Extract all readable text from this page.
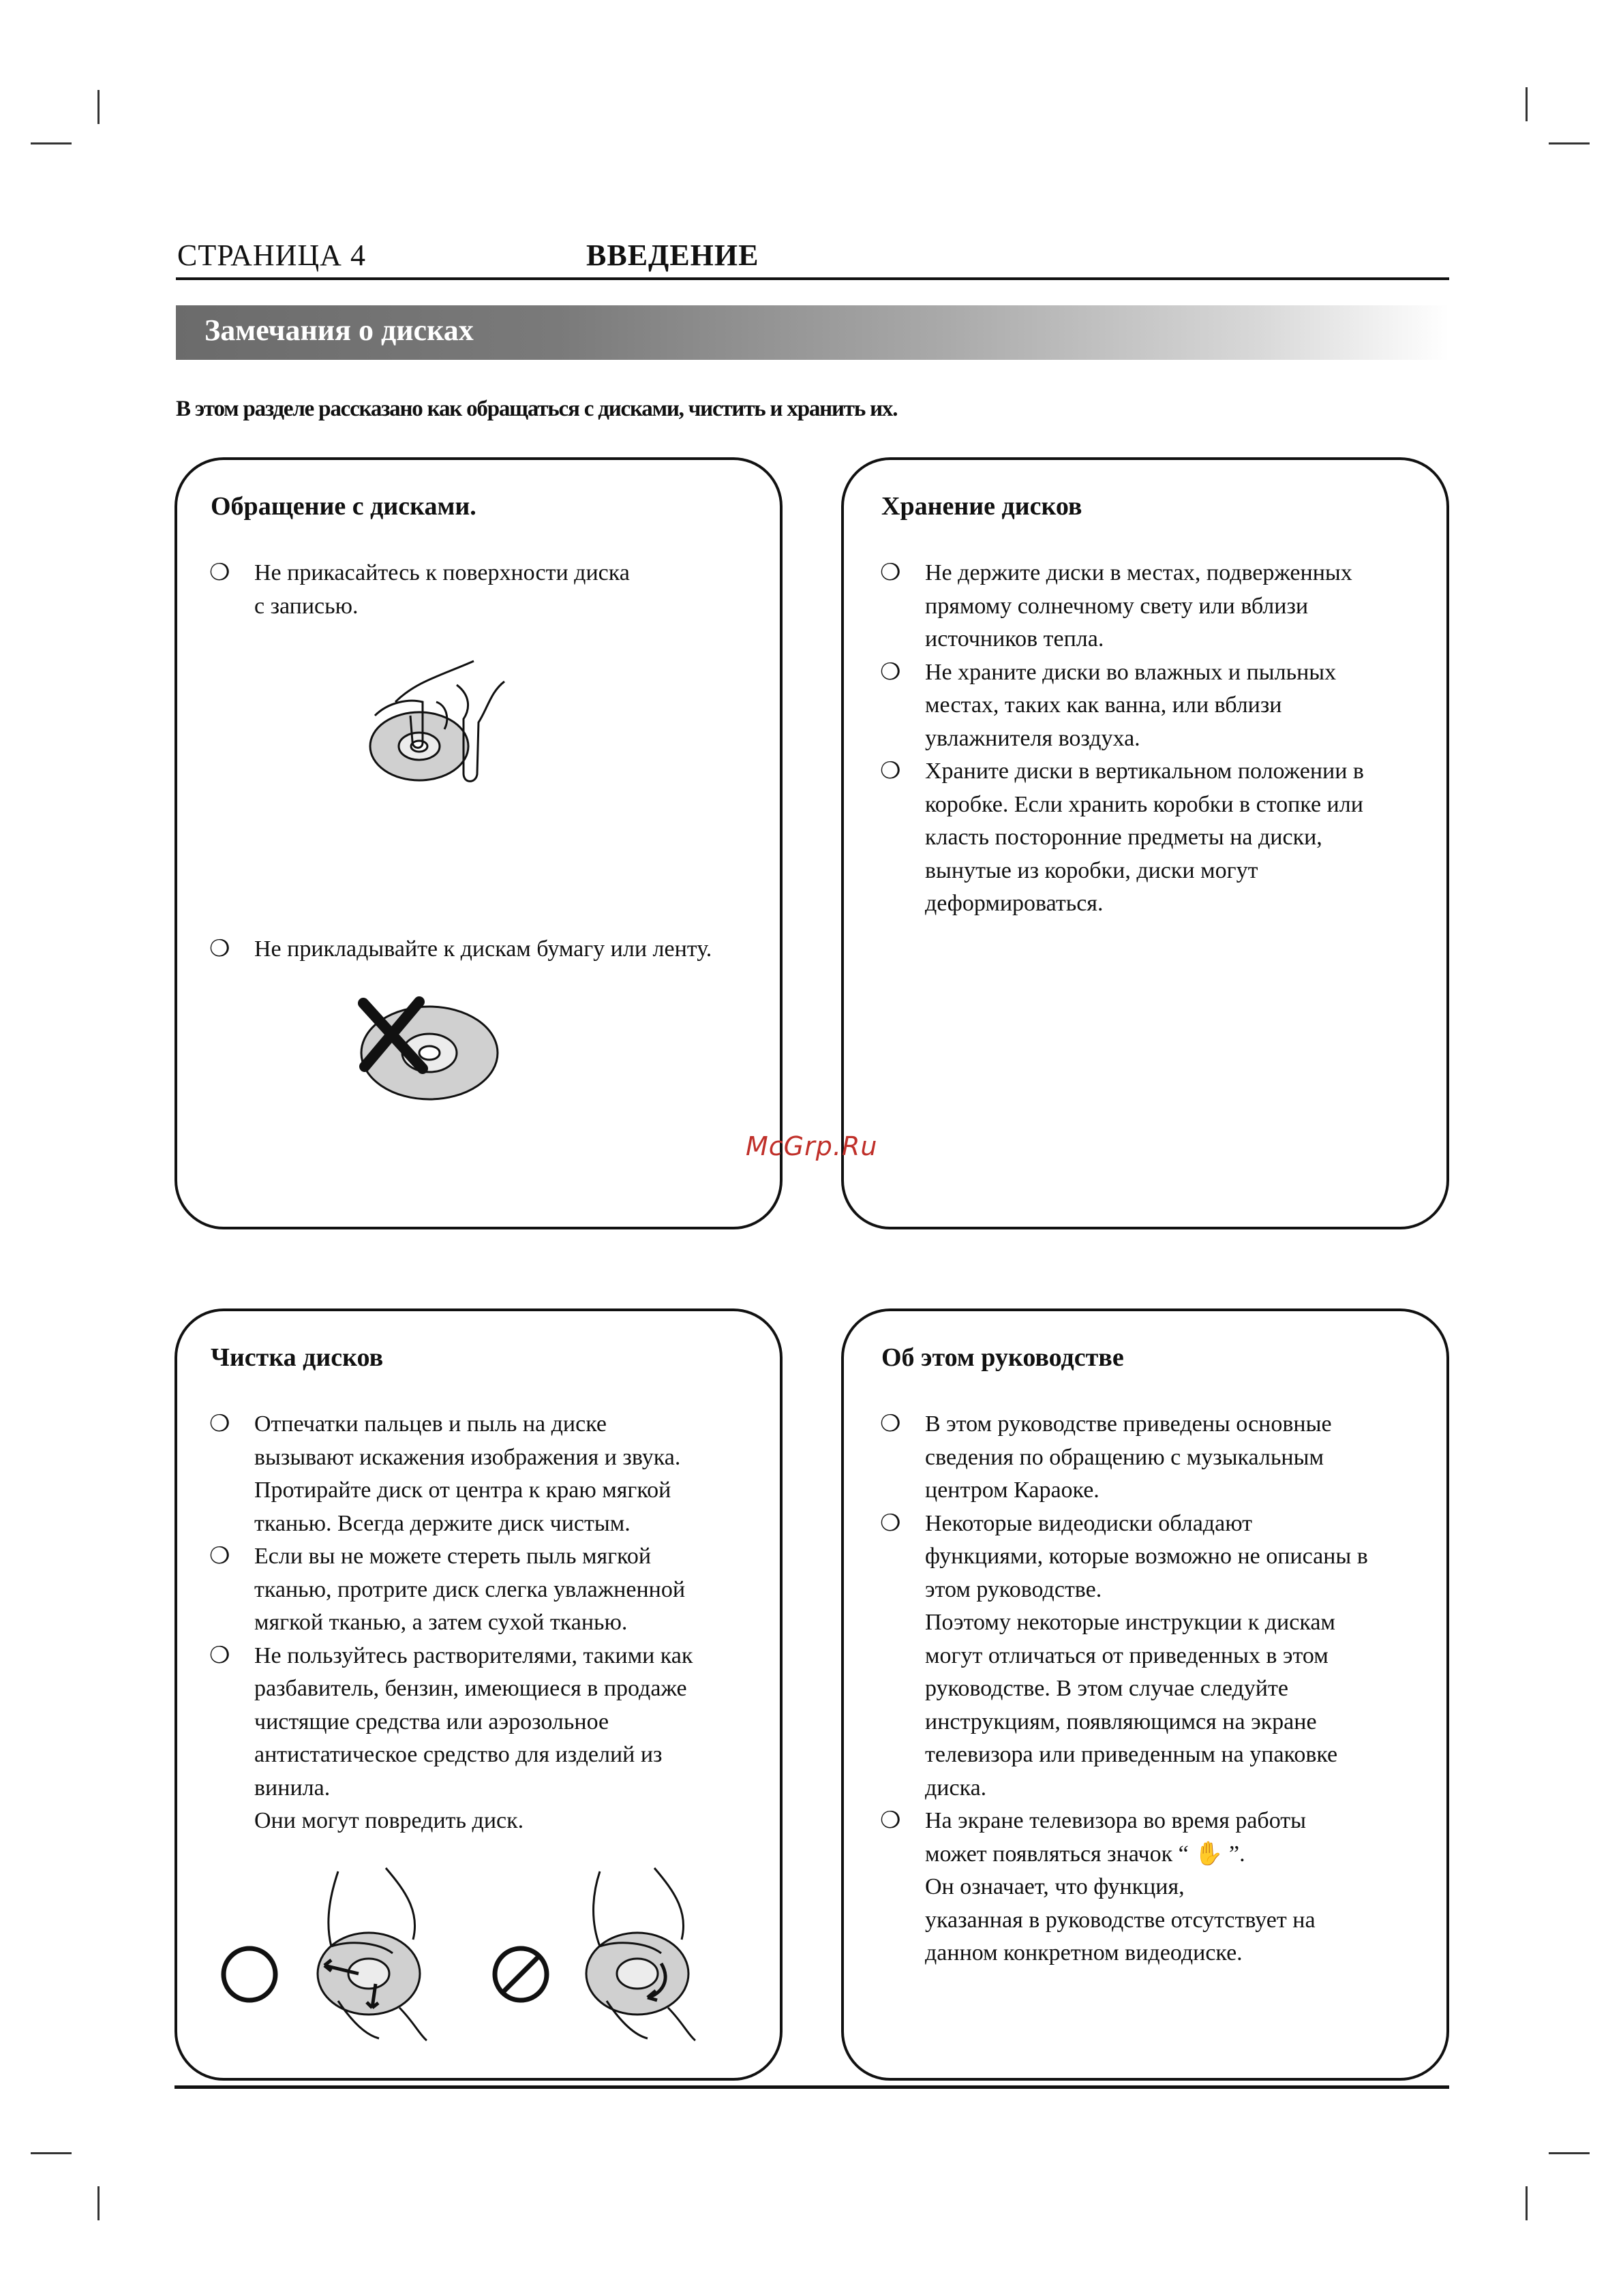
СТРАНИЦА 4	ВВЕДЕНИЕ
Замечания о дисках
В этом разделе рассказано как обращаться с дисками, чистить и хранить их.
Обращение с дисками.
❍ Не прикасайтесь к поверхности диска
с записью.
❍ Не прикладывайте к дискам бумагу или ленту.
Хранение дисков
❍ Не держите диски в местах, подверженных
прямому солнечному свету или вблизи
источников тепла.
❍ Не храните диски во влажных и пыльных
местах, таких как ванна, или вблизи
увлажнителя воздуха.
❍ Храните диски в вертикальном положении в
коробке. Если хранить коробки в стопке или
класть посторонние предметы на диски,
вынутые из коробки, диски могут
деформироваться.
McGrp.Ru
Чистка дисков
❍ Отпечатки пальцев и пыль на диске
вызывают искажения изображения и звука.
Протирайте диск от центра к краю мягкой
тканью. Всегда держите диск чистым.
❍ Если вы не можете стереть пыль мягкой
тканью, протрите диск слегка увлажненной
мягкой тканью, а затем сухой тканью.
❍ Не пользуйтесь растворителями, такими как
разбавитель, бензин, имеющиеся в продаже
чистящие средства или аэрозольное
антистатическое средство для изделий из
винила.
Они могут повредить диск.
Об этом руководстве
❍ В этом руководстве приведены основные
сведения по обращению с музыкальным
центром Караоке.
❍ Некоторые видеодиски обладают
функциями, которые возможно не описаны в
этом руководстве.
Поэтому некоторые инструкции к дискам
могут отличаться от приведенных в этом
руководстве. В этом случае следуйте
инструкциям, появляющимся на экране
телевизора или приведенным на упаковке
диска.
❍ На экране телевизора во время работы
может появляться значок “ ✋ ”.
Он означает, что функция,
указанная в руководстве отсутствует на
данном конкретном видеодиске.
